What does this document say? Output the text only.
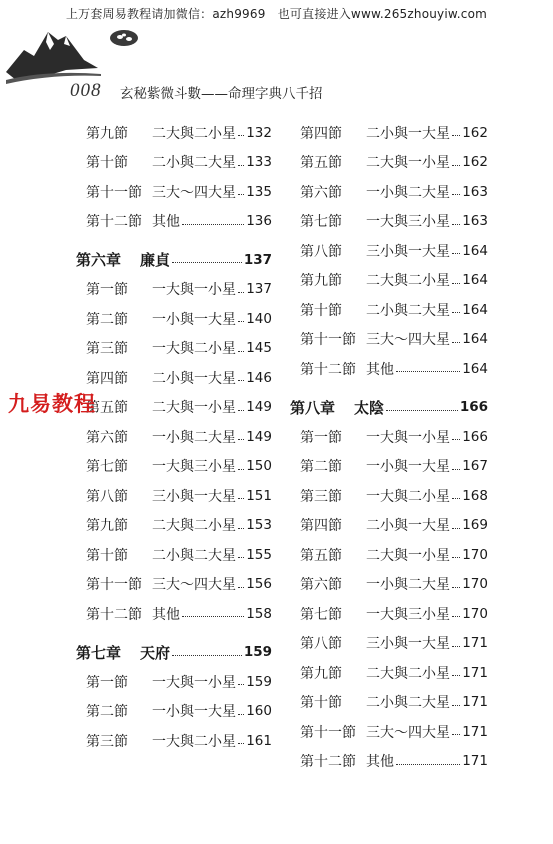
上万套周易教程请加微信：azh9969　也可直接进入www.265zhouyiw.com
008 玄秘紫微斗數——命理字典八千招
第九節	二大與二小星 132
第十節	二小與二大星 133
第十一節 三大～四大星 135
第十二節 其他	136
第六章	廉貞	137
第一節	一大與一小星 137
第二節	一小與一大星 140
第三節	一大與二小星 145
第四節	二小與一大星 146
第五節	二大與一小星 149
第六節	一小與二大星 149
第七節	一大與三小星 150
第八節	三小與一大星 151
第九節	二大與二小星 153
第十節	二小與二大星 155
第十一節 三大～四大星 156
第十二節 其他	158
第七章	天府	159
第一節	一大與一小星 159
第二節	一小與一大星 160
第三節	一大與二小星 161
第四節	二小與一大星 162
第五節	二大與一小星 162
第六節	一小與二大星 163
第七節	一大與三小星 163
第八節	三小與一大星 164
第九節	二大與二小星 164
第十節	二小與二大星 164
第十一節 三大～四大星 164
第十二節 其他	164
第八章	太陰	166
第一節	一大與一小星 166
第二節	一小與一大星 167
第三節	一大與二小星 168
第四節	二小與一大星 169
第五節	二大與一小星 170
第六節	一小與二大星 170
第七節	一大與三小星 170
第八節	三小與一大星 171
第九節	二大與二小星 171
第十節	二小與二大星 171
第十一節 三大～四大星 171
第十二節 其他	171
九易教程
